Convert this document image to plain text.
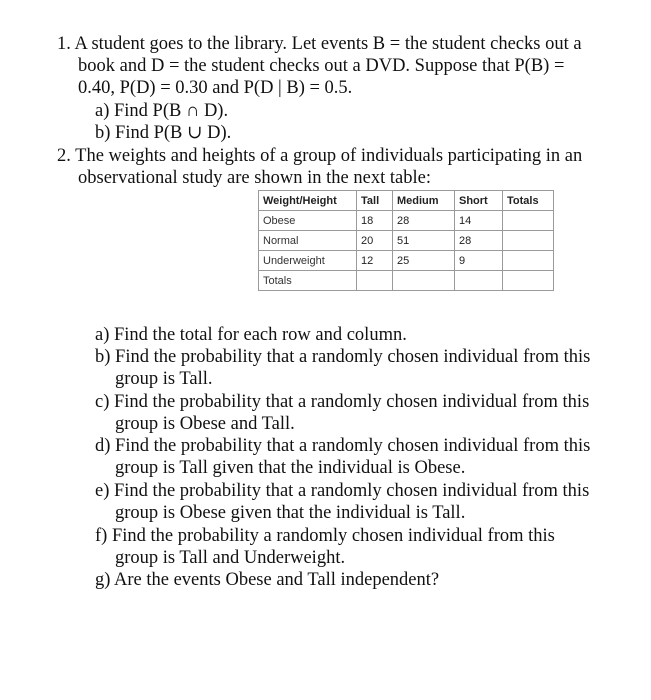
1. A student goes to the library. Let events B = the student checks out a
book and D = the student checks out a DVD. Suppose that P(B) =
0.40, P(D) = 0.30 and P(D | B) = 0.5.
a) Find P(B ∩ D).
b) Find P(B ∪ D).
2. The weights and heights of a group of individuals participating in an
observational study are shown in the next table:
Weight/Height	Tall	Medium	Short	Totals
Obese	18	28	14	
Normal	20	51	28	
Underweight	12	25	9	
Totals				
a) Find the total for each row and column.
b) Find the probability that a randomly chosen individual from this
group is Tall.
c) Find the probability that a randomly chosen individual from this
group is Obese and Tall.
d) Find the probability that a randomly chosen individual from this
group is Tall given that the individual is Obese.
e) Find the probability that a randomly chosen individual from this
group is Obese given that the individual is Tall.
f) Find the probability a randomly chosen individual from this
group is Tall and Underweight.
g) Are the events Obese and Tall independent?
